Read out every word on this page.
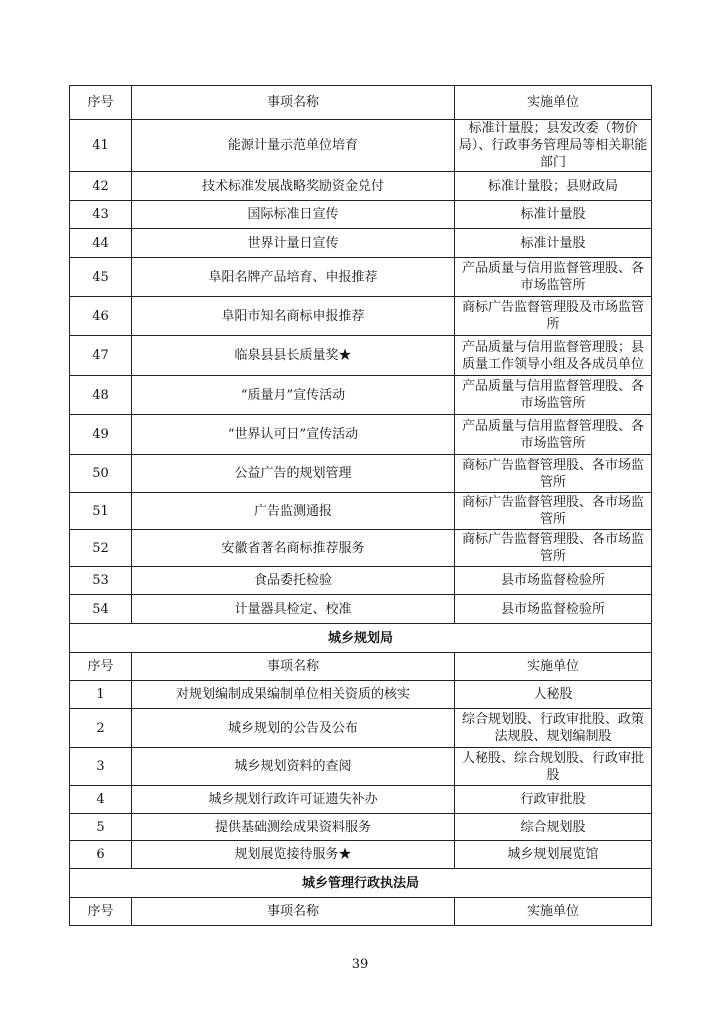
序号	事项名称	实施单位
41	能源计量示范单位培育	标准计量股；县发改委（物价局）、行政事务管理局等相关职能部门
42	技术标准发展战略奖励资金兑付	标准计量股；县财政局
43	国际标准日宣传	标准计量股
44	世界计量日宣传	标准计量股
45	阜阳名牌产品培育、申报推荐	产品质量与信用监督管理股、各市场监管所
46	阜阳市知名商标申报推荐	商标广告监督管理股及市场监管所
47	临泉县县长质量奖★	产品质量与信用监督管理股；县质量工作领导小组及各成员单位
48	“质量月”宣传活动	产品质量与信用监督管理股、各市场监管所
49	“世界认可日”宣传活动	产品质量与信用监督管理股、各市场监管所
50	公益广告的规划管理	商标广告监督管理股、各市场监管所
51	广告监测通报	商标广告监督管理股、各市场监管所
52	安徽省著名商标推荐服务	商标广告监督管理股、各市场监管所
53	食品委托检验	县市场监督检验所
54	计量器具检定、校准	县市场监督检验所
城乡规划局		
序号	事项名称	实施单位
1	对规划编制成果编制单位相关资质的核实	人秘股
2	城乡规划的公告及公布	综合规划股、行政审批股、政策法规股、规划编制股
3	城乡规划资料的查阅	人秘股、综合规划股、行政审批股
4	城乡规划行政许可证遗失补办	行政审批股
5	提供基础测绘成果资料服务	综合规划股
6	规划展览接待服务★	城乡规划展览馆
城乡管理行政执法局		
序号	事项名称	实施单位
39
